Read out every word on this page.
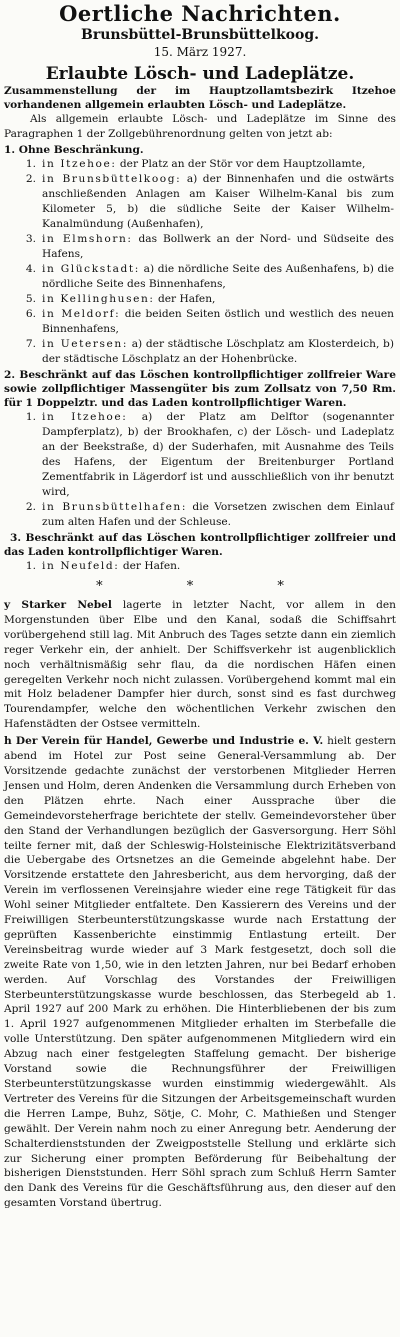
Oertliche Nachrichten.
Brunsbüttel-Brunsbüttelkoog.
15. März 1927.
Erlaubte Lösch- und Ladeplätze.

Zusammenstellung der im Hauptzollamtsbezirk Itzehoe vorhandenen allgemein erlaubten Lösch- und Ladeplätze.

Als allgemein erlaubte Lösch- und Ladeplätze im Sinne des Paragraphen 1 der Zollgebührenordnung gelten von jetzt ab:

1. Ohne Beschränkung.
1. in Itzehoe: der Platz an der Stör vor dem Hauptzollamte,
2. in Brunsbüttelkoog: a) der Binnenhafen und die ostwärts anschließenden Anlagen am Kaiser Wilhelm-Kanal bis zum Kilometer 5, b) die südliche Seite der Kaiser Wilhelm-Kanalmündung (Außenhafen),
3. in Elmshorn: das Bollwerk an der Nord- und Südseite des Hafens,
4. in Glückstadt: a) die nördliche Seite des Außenhafens, b) die nördliche Seite des Binnenhafens,
5. in Kellinghusen: der Hafen,
6. in Meldorf: die beiden Seiten östlich und westlich des neuen Binnenhafens,
7. in Uetersen: a) der städtische Löschplatz am Klosterdeich, b) der städtische Löschplatz an der Hohenbrücke.
2. Beschränkt auf das Löschen kontrollpflichtiger zollfreier Ware sowie zollpflichtiger Massengüter bis zum Zollsatz von 7,50 Rm. für 1 Doppelztr. und das Laden kontrollpflichtiger Waren.
1. in Itzehoe: a) der Platz am Delftor (sogenannter Dampferplatz), b) der Brookhafen, c) der Lösch- und Ladeplatz an der Beekstraße, d) der Suderhafen, mit Ausnahme des Teils des Hafens, der Eigentum der Breitenburger Portland Zementfabrik in Lägerdorf ist und ausschließlich von ihr benutzt wird,
2. in Brunsbüttelhafen: die Vorsetzen zwischen dem Einlauf zum alten Hafen und der Schleuse.
3. Beschränkt auf das Löschen kontrollpflichtiger zollfreier und das Laden kontrollpflichtiger Waren.
1. in Neufeld: der Hafen.
* * *

y Starker Nebel lagerte in letzter Nacht, vor allem in den Morgenstunden über Elbe und den Kanal, sodaß die Schiffsahrt vorübergehend still lag. Mit Anbruch des Tages setzte dann ein ziemlich reger Verkehr ein, der anhielt. Der Schiffsverkehr ist augenblicklich noch verhältnismäßig sehr flau, da die nordischen Häfen einen geregelten Verkehr noch nicht zulassen. Vorübergehend kommt mal ein mit Holz beladener Dampfer hier durch, sonst sind es fast durchweg Tourendampfer, welche den wöchentlichen Verkehr zwischen den Hafenstädten der Ostsee vermitteln.

h Der Verein für Handel, Gewerbe und Industrie e. V. hielt gestern abend im Hotel zur Post seine General-Versammlung ab. Der Vorsitzende gedachte zunächst der verstorbenen Mitglieder Herren Jensen und Holm, deren Andenken die Versammlung durch Erheben von den Plätzen ehrte. Nach einer Aussprache über die Gemeindevorsteherfrage berichtete der stellv. Gemeindevorsteher über den Stand der Verhandlungen bezüglich der Gasversorgung. Herr Söhl teilte ferner mit, daß der Schleswig-Holsteinische Elektrizitätsverband die Uebergabe des Ortsnetzes an die Gemeinde abgelehnt habe. Der Vorsitzende erstattete den Jahresbericht, aus dem hervorging, daß der Verein im verflossenen Vereinsjahre wieder eine rege Tätigkeit für das Wohl seiner Mitglieder entfaltete. Den Kassierern des Vereins und der Freiwilligen Sterbeunterstützungskasse wurde nach Erstattung der geprüften Kassenberichte einstimmig Entlastung erteilt. Der Vereinsbeitrag wurde wieder auf 3 Mark festgesetzt, doch soll die zweite Rate von 1,50, wie in den letzten Jahren, nur bei Bedarf erhoben werden. Auf Vorschlag des Vorstandes der Freiwilligen Sterbeunterstützungskasse wurde beschlossen, das Sterbegeld ab 1. April 1927 auf 200 Mark zu erhöhen. Die Hinterbliebenen der bis zum 1. April 1927 aufgenommenen Mitglieder erhalten im Sterbefalle die volle Unterstützung. Den später aufgenommenen Mitgliedern wird ein Abzug nach einer festgelegten Staffelung gemacht. Der bisherige Vorstand sowie die Rechnungsführer der Freiwilligen Sterbeunterstützungskasse wurden einstimmig wiedergewählt. Als Vertreter des Vereins für die Sitzungen der Arbeitsgemeinschaft wurden die Herren Lampe, Buhz, Sötje, C. Mohr, C. Mathießen und Stenger gewählt. Der Verein nahm noch zu einer Anregung betr. Aenderung der Schalterdienststunden der Zweigpoststelle Stellung und erklärte sich zur Sicherung einer prompten Beförderung für Beibehaltung der bisherigen Dienststunden. Herr Söhl sprach zum Schluß Herrn Samter den Dank des Vereins für die Geschäftsführung aus, den dieser auf den gesamten Vorstand übertrug.
